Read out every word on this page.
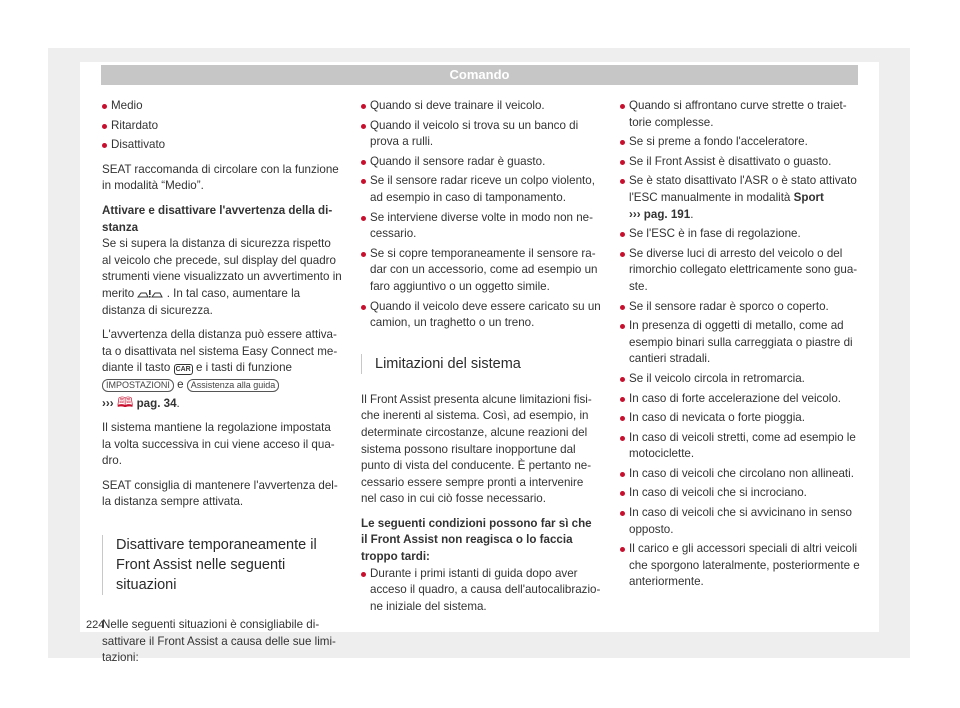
Comando
Medio
Ritardato
Disattivato

SEAT raccomanda di circolare con la funzione in modalità “Medio”.

Attivare e disattivare l'avvertenza della distanza

Se si supera la distanza di sicurezza rispetto al veicolo che precede, sul display del quadro strumenti viene visualizzato un avvertimento in merito	. In tal caso, aumentare la distanza di sicurezza.

L'avvertenza della distanza può essere attivata o disattivata nel sistema Easy Connect mediante il tasto CAR e i tasti di funzione IMPOSTAZIONI e Assistenza alla guida
››› 🕮 pag. 34.

Il sistema mantiene la regolazione impostata la volta successiva in cui viene acceso il quadro.

SEAT consiglia di mantenere l'avvertenza della distanza sempre attivata.

Disattivare temporaneamente il Front Assist nelle seguenti situazioni

Nelle seguenti situazioni è consigliabile disattivare il Front Assist a causa delle sue limitazioni:

Quando si deve trainare il veicolo.
Quando il veicolo si trova su un banco di prova a rulli.
Quando il sensore radar è guasto.
Se il sensore radar riceve un colpo violento, ad esempio in caso di tamponamento.
Se interviene diverse volte in modo non necessario.
Se si copre temporaneamente il sensore radar con un accessorio, come ad esempio un faro aggiuntivo o un oggetto simile.
Quando il veicolo deve essere caricato su un camion, un traghetto o un treno.
Limitazioni del sistema

Il Front Assist presenta alcune limitazioni fisiche inerenti al sistema. Così, ad esempio, in determinate circostanze, alcune reazioni del sistema possono risultare inopportune dal punto di vista del conducente. È pertanto necessario essere sempre pronti a intervenire nel caso in cui ciò fosse necessario.

Le seguenti condizioni possono far sì che il Front Assist non reagisca o lo faccia troppo tardi:

Durante i primi istanti di guida dopo aver acceso il quadro, a causa dell'autocalibrazione iniziale del sistema.
Quando si affrontano curve strette o traiettorie complesse.
Se si preme a fondo l'acceleratore.
Se il Front Assist è disattivato o guasto.
Se è stato disattivato l'ASR o è stato attivato l'ESC manualmente in modalità Sport
››› pag. 191.
Se l'ESC è in fase di regolazione.
Se diverse luci di arresto del veicolo o del rimorchio collegato elettricamente sono guaste.
Se il sensore radar è sporco o coperto.
In presenza di oggetti di metallo, come ad esempio binari sulla carreggiata o piastre di cantieri stradali.
Se il veicolo circola in retromarcia.
In caso di forte accelerazione del veicolo.
In caso di nevicata o forte pioggia.
In caso di veicoli stretti, come ad esempio le motociclette.
In caso di veicoli che circolano non allineati.
In caso di veicoli che si incrociano.
In caso di veicoli che si avvicinano in senso opposto.
Il carico e gli accessori speciali di altri veicoli che sporgono lateralmente, posteriormente e anteriormente.
224
